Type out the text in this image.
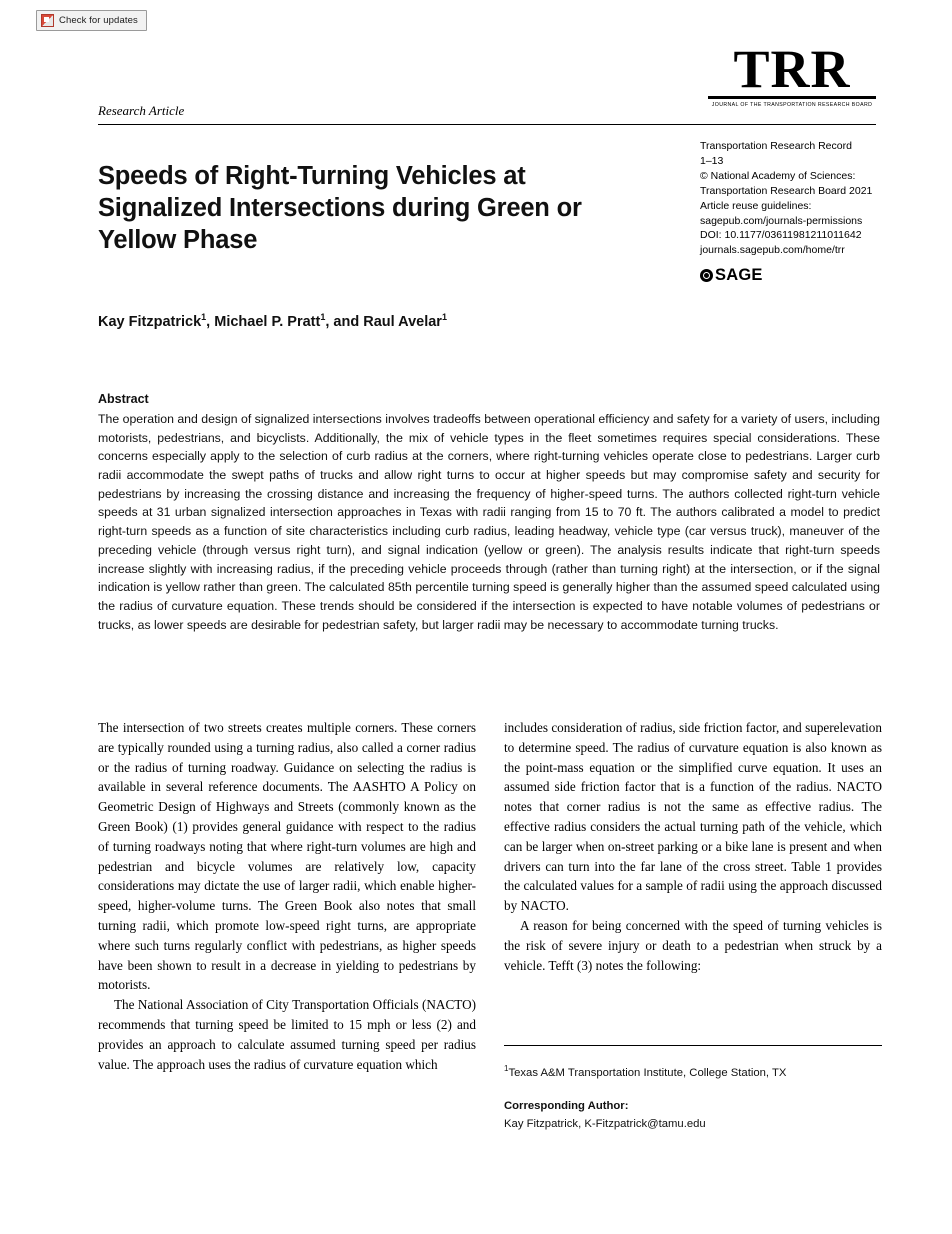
Check for updates
TRR
JOURNAL OF THE TRANSPORTATION RESEARCH BOARD
Research Article
Speeds of Right-Turning Vehicles at Signalized Intersections during Green or Yellow Phase
Transportation Research Record
1–13
© National Academy of Sciences:
Transportation Research Board 2021
Article reuse guidelines:
sagepub.com/journals-permissions
DOI: 10.1177/03611981211011642
journals.sagepub.com/home/trr
SAGE
Kay Fitzpatrick$^1$, Michael P. Pratt$^1$, and Raul Avelar$^1$
Abstract
The operation and design of signalized intersections involves tradeoffs between operational efficiency and safety for a variety of users, including motorists, pedestrians, and bicyclists. Additionally, the mix of vehicle types in the fleet sometimes requires special considerations. These concerns especially apply to the selection of curb radius at the corners, where right-turning vehicles operate close to pedestrians. Larger curb radii accommodate the swept paths of trucks and allow right turns to occur at higher speeds but may compromise safety and security for pedestrians by increasing the crossing distance and increasing the frequency of higher-speed turns. The authors collected right-turn vehicle speeds at 31 urban signalized intersection approaches in Texas with radii ranging from 15 to 70 ft. The authors calibrated a model to predict right-turn speeds as a function of site characteristics including curb radius, leading headway, vehicle type (car versus truck), maneuver of the preceding vehicle (through versus right turn), and signal indication (yellow or green). The analysis results indicate that right-turn speeds increase slightly with increasing radius, if the preceding vehicle proceeds through (rather than turning right) at the intersection, or if the signal indication is yellow rather than green. The calculated 85th percentile turning speed is generally higher than the assumed speed calculated using the radius of curvature equation. These trends should be considered if the intersection is expected to have notable volumes of pedestrians or trucks, as lower speeds are desirable for pedestrian safety, but larger radii may be necessary to accommodate turning trucks.

The intersection of two streets creates multiple corners. These corners are typically rounded using a turning radius, also called a corner radius or the radius of turning roadway. Guidance on selecting the radius is available in several reference documents. The AASHTO A Policy on Geometric Design of Highways and Streets (commonly known as the Green Book) (1) provides general guidance with respect to the radius of turning roadways noting that where right-turn volumes are high and pedestrian and bicycle volumes are relatively low, capacity considerations may dictate the use of larger radii, which enable higher-speed, higher-volume turns. The Green Book also notes that small turning radii, which promote low-speed right turns, are appropriate where such turns regularly conflict with pedestrians, as higher speeds have been shown to result in a decrease in yielding to pedestrians by motorists.

The National Association of City Transportation Officials (NACTO) recommends that turning speed be limited to 15 mph or less (2) and provides an approach to calculate assumed turning speed per radius value. The approach uses the radius of curvature equation which

includes consideration of radius, side friction factor, and superelevation to determine speed. The radius of curvature equation is also known as the point-mass equation or the simplified curve equation. It uses an assumed side friction factor that is a function of the radius. NACTO notes that corner radius is not the same as effective radius. The effective radius considers the actual turning path of the vehicle, which can be larger when on-street parking or a bike lane is present and when drivers can turn into the far lane of the cross street. Table 1 provides the calculated values for a sample of radii using the approach discussed by NACTO.

A reason for being concerned with the speed of turning vehicles is the risk of severe injury or death to a pedestrian when struck by a vehicle. Tefft (3) notes the following:

$^1$Texas A&M Transportation Institute, College Station, TX
Corresponding Author:
Kay Fitzpatrick, K-Fitzpatrick@tamu.edu
